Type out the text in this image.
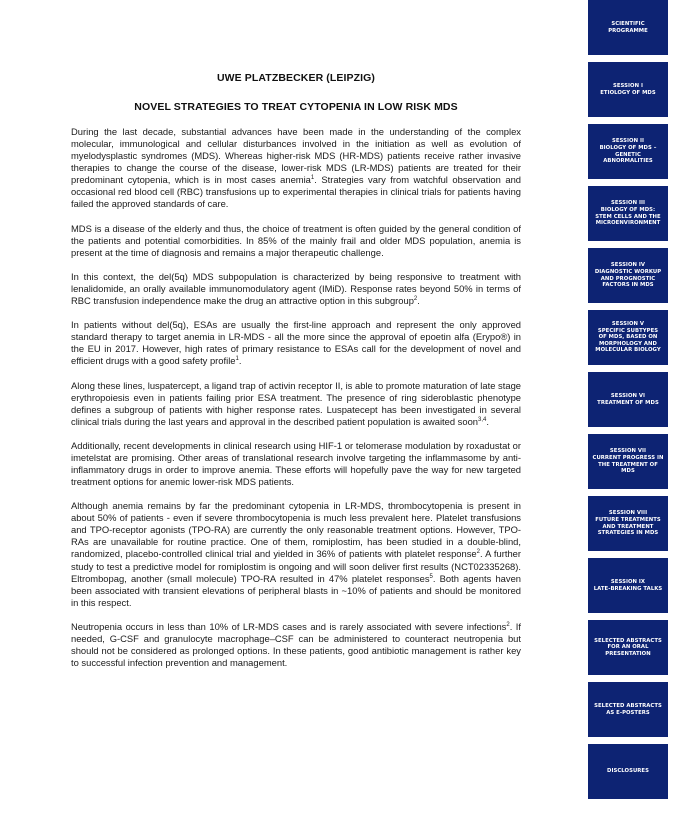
UWE PLATZBECKER (LEIPZIG)
NOVEL STRATEGIES TO TREAT CYTOPENIA IN LOW RISK MDS

During the last decade, substantial advances have been made in the understanding of the complex molecular, immunological and cellular disturbances involved in the initiation as well as evolution of myelodysplastic syndromes (MDS). Whereas higher-risk MDS (HR-MDS) patients receive rather invasive therapies to change the course of the disease, lower-risk MDS (LR-MDS) patients are treated for their predominant cytopenia, which is in most cases anemia$^1$. Strategies vary from watchful observation and occasional red blood cell (RBC) transfusions up to experimental therapies in clinical trials for patients having failed the approved standards of care.

MDS is a disease of the elderly and thus, the choice of treatment is often guided by the general condition of the patients and potential comorbidities. In 85% of the mainly frail and older MDS population, anemia is present at the time of diagnosis and remains a major therapeutic challenge.

In this context, the del(5q) MDS subpopulation is characterized by being responsive to treatment with lenalidomide, an orally available immunomodulatory agent (IMiD). Response rates beyond 50% in terms of RBC transfusion independence make the drug an attractive option in this subgroup$^2$.

In patients without del(5q), ESAs are usually the first-line approach and represent the only approved standard therapy to target anemia in LR-MDS - all the more since the approval of epoetin alfa (Erypo®) in the EU in 2017. However, high rates of primary resistance to ESAs call for the development of novel and efficient drugs with a good safety profile$^1$.

Along these lines, luspatercept, a ligand trap of activin receptor II, is able to promote maturation of late stage erythropoiesis even in patients failing prior ESA treatment. The presence of ring sideroblastic phenotype defines a subgroup of patients with higher response rates. Luspatecept has been investigated in several clinical trials during the last years and approval in the described patient population is awaited soon$^{3,4}$.

Additionally, recent developments in clinical research using HIF-1 or telomerase modulation by roxadustat or imetelstat are promising. Other areas of translational research involve targeting the inflammasome by anti-inflammatory drugs in order to improve anemia. These efforts will hopefully pave the way for new targeted treatment options for anemic lower-risk MDS patients.

Although anemia remains by far the predominant cytopenia in LR-MDS, thrombocytopenia is present in about 50% of patients - even if severe thrombocytopenia is much less prevalent here. Platelet transfusions and TPO-receptor agonists (TPO-RA) are currently the only reasonable treatment options. However, TPO-RAs are unavailable for routine practice. One of them, romiplostim, has been studied in a double-blind, randomized, placebo-controlled clinical trial and yielded in 36% of patients with platelet response$^2$. A further study to test a predictive model for romiplostim is ongoing and will soon deliver first results (NCT02335268). Eltrombopag, another (small molecule) TPO-RA resulted in 47% platelet responses$^5$. Both agents haven been associated with transient elevations of peripheral blasts in ~10% of patients and should be monitored in this respect.

Neutropenia occurs in less than 10% of LR-MDS cases and is rarely associated with severe infections$^2$. If needed, G-CSF and granulocyte macrophage–CSF can be administered to counteract neutropenia but should not be considered as prolonged options. In these patients, good antibiotic management is rather key to successful infection prevention and management.

SCIENTIFIC PROGRAMME
SESSION I
ETIOLOGY OF MDS
SESSION II
BIOLOGY OF MDS –
GENETIC ABNORMALITIES
SESSION III
BIOLOGY OF MDS:
STEM CELLS AND THE
MICROENVIRONMENT
SESSION IV
DIAGNOSTIC WORKUP
AND PROGNOSTIC
FACTORS IN MDS
SESSION V
SPECIFIC SUBTYPES
OF MDS, BASED ON
MORPHOLOGY AND
MOLECULAR BIOLOGY
SESSION VI
TREATMENT OF MDS
SESSION VII
CURRENT PROGRESS IN
THE TREATMENT OF MDS
SESSION VIII
FUTURE TREATMENTS
AND TREATMENT
STRATEGIES IN MDS
SESSION IX
LATE-BREAKING TALKS
SELECTED ABSTRACTS
FOR AN ORAL
PRESENTATION
SELECTED ABSTRACTS
AS E-POSTERS
DISCLOSURES
